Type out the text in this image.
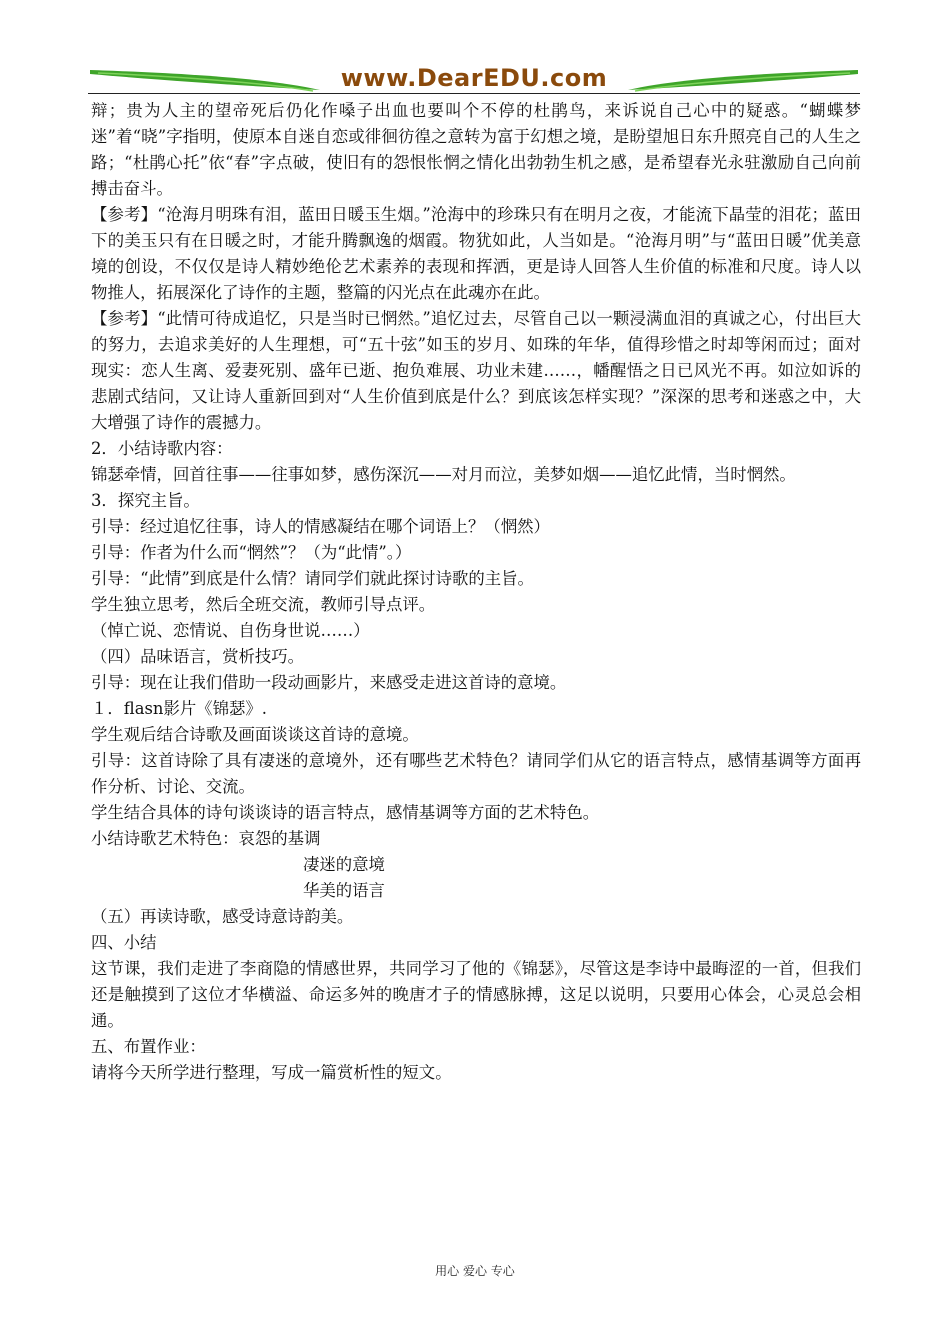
www.DearEDU.com

辩；贵为人主的望帝死后仍化作嗓子出血也要叫个不停的杜鹃鸟，来诉说自己心中的疑惑。“蝴蝶梦迷”着“晓”字指明，使原本自迷自恋或徘徊彷徨之意转为富于幻想之境，是盼望旭日东升照亮自己的人生之路；“杜鹃心托”依“春”字点破，使旧有的怨恨怅惘之情化出勃勃生机之感，是希望春光永驻激励自己向前搏击奋斗。

【参考】“沧海月明珠有泪，蓝田日暖玉生烟。”沧海中的珍珠只有在明月之夜，才能流下晶莹的泪花；蓝田下的美玉只有在日暖之时，才能升腾飘逸的烟霞。物犹如此，人当如是。“沧海月明”与“蓝田日暖”优美意境的创设，不仅仅是诗人精妙绝伦艺术素养的表现和挥洒，更是诗人回答人生价值的标准和尺度。诗人以物推人，拓展深化了诗作的主题，整篇的闪光点在此魂亦在此。

【参考】“此情可待成追忆，只是当时已惘然。”追忆过去，尽管自己以一颗浸满血泪的真诚之心，付出巨大的努力，去追求美好的人生理想，可“五十弦”如玉的岁月、如珠的年华，值得珍惜之时却等闲而过；面对现实：恋人生离、爱妻死别、盛年已逝、抱负难展、功业未建……，幡醒悟之日已风光不再。如泣如诉的悲剧式结问，又让诗人重新回到对“人生价值到底是什么？到底该怎样实现？”深深的思考和迷惑之中，大大增强了诗作的震撼力。

2．小结诗歌内容：

锦瑟牵情，回首往事——往事如梦，感伤深沉——对月而泣，美梦如烟——追忆此情，当时惘然。

3．探究主旨。

引导：经过追忆往事，诗人的情感凝结在哪个词语上？（惘然）

引导：作者为什么而“惘然”？（为“此情”。）

引导：“此情”到底是什么情？请同学们就此探讨诗歌的主旨。

学生独立思考，然后全班交流，教师引导点评。

（悼亡说、恋情说、自伤身世说……）

（四）品味语言，赏析技巧。

引导：现在让我们借助一段动画影片，来感受走进这首诗的意境。

１．flasn影片《锦瑟》.

学生观后结合诗歌及画面谈谈这首诗的意境。

引导：这首诗除了具有凄迷的意境外，还有哪些艺术特色？请同学们从它的语言特点，感情基调等方面再作分析、讨论、交流。

学生结合具体的诗句谈谈诗的语言特点，感情基调等方面的艺术特色。

小结诗歌艺术特色：哀怨的基调

凄迷的意境

华美的语言

（五）再读诗歌，感受诗意诗韵美。

四、小结

这节课，我们走进了李商隐的情感世界，共同学习了他的《锦瑟》，尽管这是李诗中最晦涩的一首，但我们还是触摸到了这位才华横溢、命运多舛的晚唐才子的情感脉搏，这足以说明，只要用心体会，心灵总会相通。

五、布置作业：

请将今天所学进行整理，写成一篇赏析性的短文。

用心 爱心 专心
